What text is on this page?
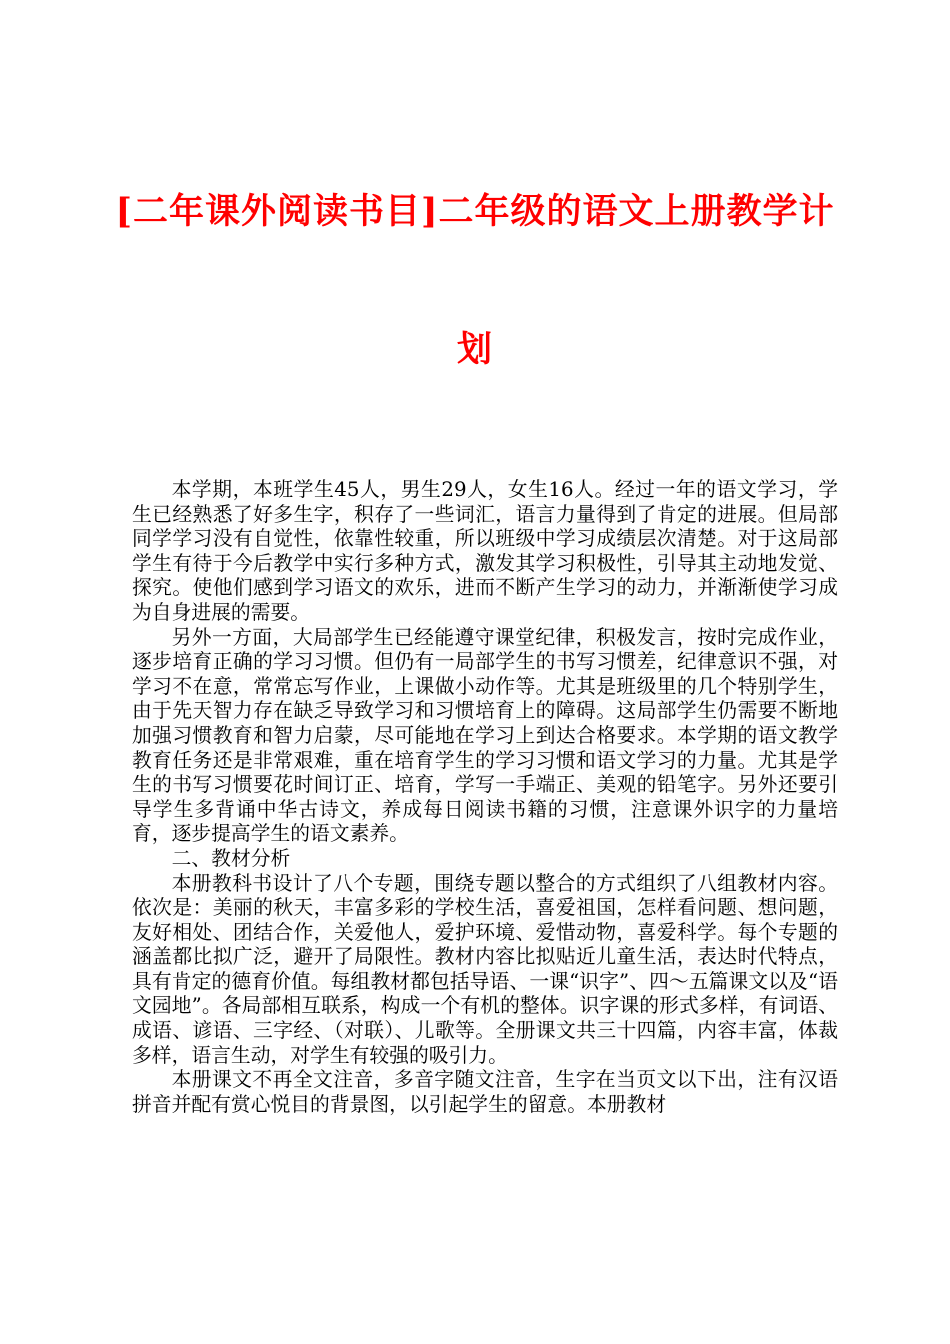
[二年课外阅读书目]二年级的语文上册教学计
划

本学期，本班学生45人，男生29人，女生16人。经过一年的语文学习，学生已经熟悉了好多生字，积存了一些词汇，语言力量得到了肯定的进展。但局部同学学习没有自觉性，依靠性较重，所以班级中学习成绩层次清楚。对于这局部学生有待于今后教学中实行多种方式，激发其学习积极性，引导其主动地发觉、探究。使他们感到学习语文的欢乐，进而不断产生学习的动力，并渐渐使学习成为自身进展的需要。

另外一方面，大局部学生已经能遵守课堂纪律，积极发言，按时完成作业，逐步培育正确的学习习惯。但仍有一局部学生的书写习惯差，纪律意识不强，对学习不在意，常常忘写作业，上课做小动作等。尤其是班级里的几个特别学生，由于先天智力存在缺乏导致学习和习惯培育上的障碍。这局部学生仍需要不断地加强习惯教育和智力启蒙，尽可能地在学习上到达合格要求。本学期的语文教学教育任务还是非常艰难，重在培育学生的学习习惯和语文学习的力量。尤其是学生的书写习惯要花时间订正、培育，学写一手端正、美观的铅笔字。另外还要引导学生多背诵中华古诗文，养成每日阅读书籍的习惯，注意课外识字的力量培育，逐步提高学生的语文素养。

二、教材分析

本册教科书设计了八个专题，围绕专题以整合的方式组织了八组教材内容。依次是：美丽的秋天，丰富多彩的学校生活，喜爱祖国，怎样看问题、想问题，友好相处、团结合作，关爱他人，爱护环境、爱惜动物，喜爱科学。每个专题的涵盖都比拟广泛，避开了局限性。教材内容比拟贴近儿童生活，表达时代特点，具有肯定的德育价值。每组教材都包括导语、一课“识字”、四～五篇课文以及“语文园地”。各局部相互联系，构成一个有机的整体。识字课的形式多样，有词语、成语、谚语、三字经、（对联）、儿歌等。全册课文共三十四篇，内容丰富，体裁多样，语言生动，对学生有较强的吸引力。

本册课文不再全文注音，多音字随文注音，生字在当页文以下出，注有汉语拼音并配有赏心悦目的背景图，以引起学生的留意。本册教材
